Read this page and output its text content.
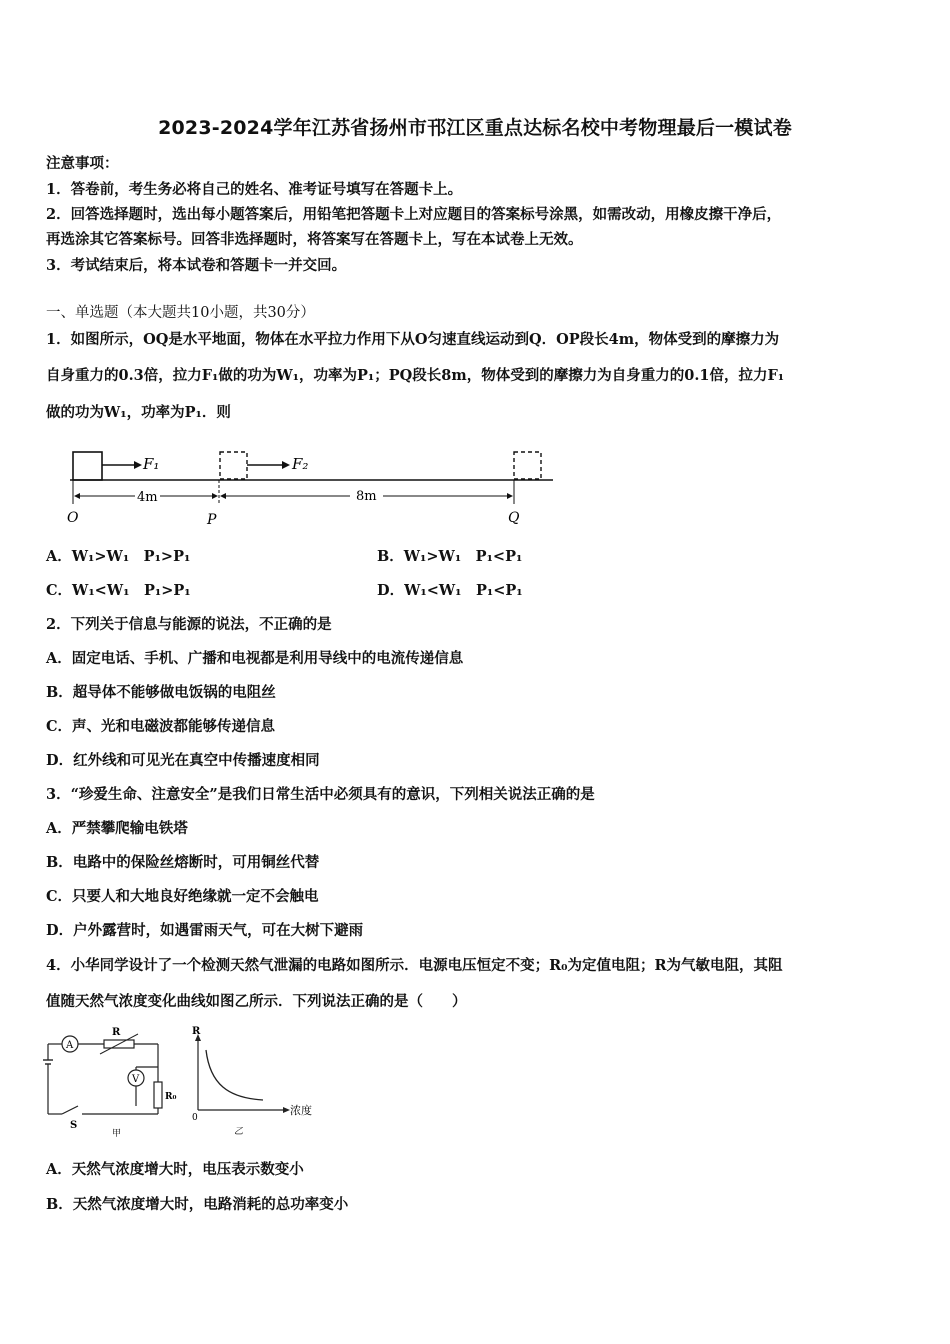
2023-2024学年江苏省扬州市邗江区重点达标名校中考物理最后一模试卷
注意事项：
1．答卷前，考生务必将自己的姓名、准考证号填写在答题卡上。
2．回答选择题时，选出每小题答案后，用铅笔把答题卡上对应题目的答案标号涂黑，如需改动，用橡皮擦干净后，
再选涂其它答案标号。回答非选择题时，将答案写在答题卡上，写在本试卷上无效。
3．考试结束后，将本试卷和答题卡一并交回。
一、单选题（本大题共10小题，共30分）
1．如图所示，OQ是水平地面，物体在水平拉力作用下从O匀速直线运动到Q．OP段长4m，物体受到的摩擦力为
自身重力的0.3倍，拉力F₁做的功为W₁，功率为P₁；PQ段长8m，物体受到的摩擦力为自身重力的0.1倍，拉力F₁
做的功为W₁，功率为P₁．则
F₁	F₂
4m	8m
O	P	Q
A．W₁>W₁　P₁>P₁	B．W₁>W₁　P₁<P₁
C．W₁<W₁　P₁>P₁	D．W₁<W₁　P₁<P₁
2．下列关于信息与能源的说法，不正确的是
A．固定电话、手机、广播和电视都是利用导线中的电流传递信息
B．超导体不能够做电饭锅的电阻丝
C．声、光和电磁波都能够传递信息
D．红外线和可见光在真空中传播速度相同
3．“珍爱生命、注意安全”是我们日常生活中必须具有的意识，下列相关说法正确的是
A．严禁攀爬输电铁塔
B．电路中的保险丝熔断时，可用铜丝代替
C．只要人和大地良好绝缘就一定不会触电
D．户外露营时，如遇雷雨天气，可在大树下避雨
4．小华同学设计了一个检测天然气泄漏的电路如图所示．电源电压恒定不变；R₀为定值电阻；R为气敏电阻，其阻
值随天然气浓度变化曲线如图乙所示．下列说法正确的是（　　）
A
R
V
R₀
S
甲
R
0
浓度
乙
A．天然气浓度增大时，电压表示数变小
B．天然气浓度增大时，电路消耗的总功率变小
